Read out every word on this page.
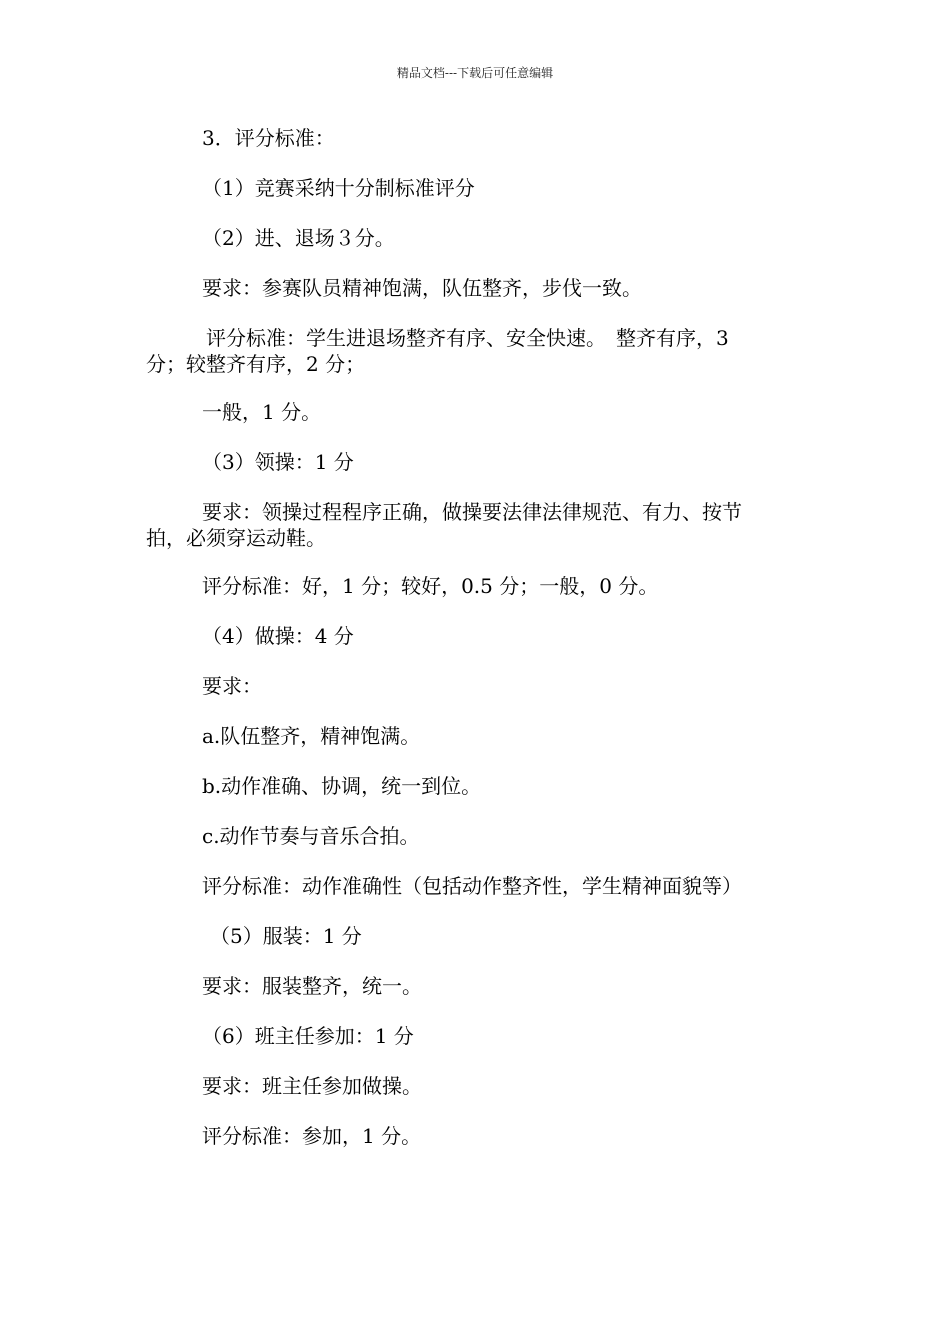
精品文档---下载后可任意编辑
3．评分标准：
（1）竞赛采纳十分制标准评分
（2）进、退场３分。
要求：参赛队员精神饱满，队伍整齐，步伐一致。
评分标准：学生进退场整齐有序、安全快速。　整齐有序，3
分；较整齐有序，2 分；
一般，1 分。
（3）领操：1 分
要求：领操过程程序正确，做操要法律法律规范、有力、按节
拍，必须穿运动鞋。
评分标准：好，1 分；较好，0.5 分；一般，0 分。
（4）做操：4 分
要求：
a.队伍整齐，精神饱满。
b.动作准确、协调，统一到位。
c.动作节奏与音乐合拍。
评分标准：动作准确性（包括动作整齐性，学生精神面貌等）
（5）服装：1 分
要求：服装整齐，统一。
（6）班主任参加：1 分
要求：班主任参加做操。
评分标准：参加，1 分。
